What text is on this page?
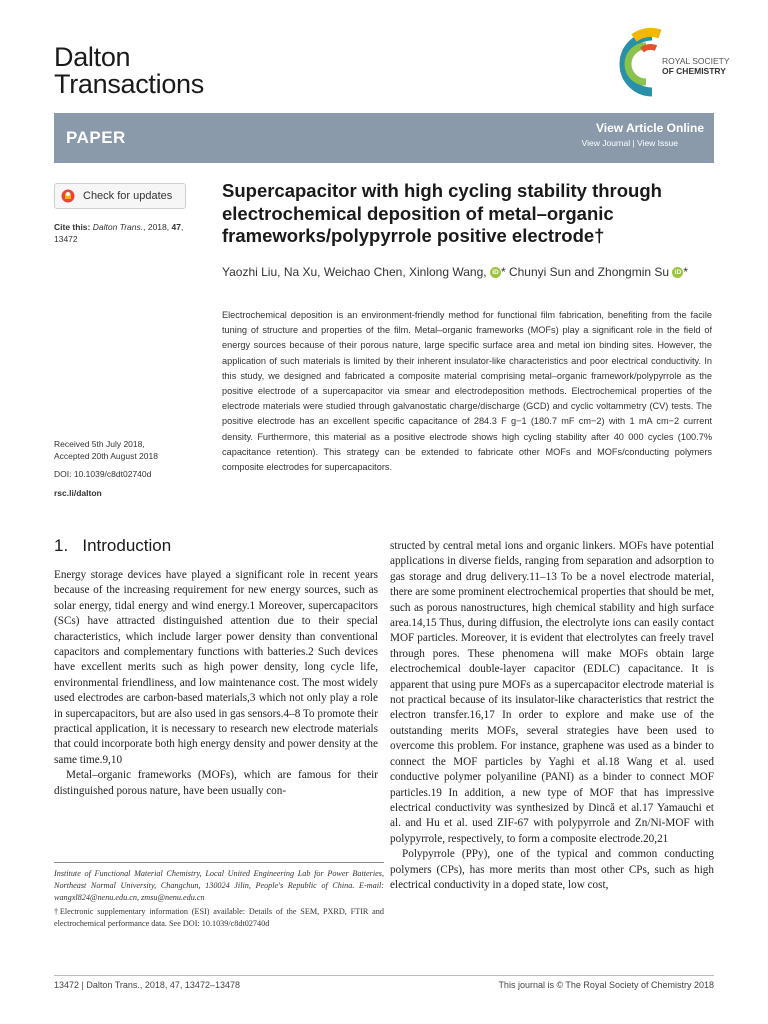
Dalton
Transactions
ROYAL SOCIETY
OF CHEMISTRY
PAPER	View Article Online
View Journal | View Issue
Check for updates
Cite this: Dalton Trans., 2018, 47, 13472
Received 5th July 2018,
Accepted 20th August 2018
DOI: 10.1039/c8dt02740d
rsc.li/dalton
Supercapacitor with high cycling stability through electrochemical deposition of metal–organic frameworks/polypyrrole positive electrode†
Yaozhi Liu, Na Xu, Weichao Chen, Xinlong Wang, iD * Chunyi Sun and Zhongmin Su iD *

Electrochemical deposition is an environment-friendly method for functional film fabrication, benefiting from the facile tuning of structure and properties of the film. Metal–organic frameworks (MOFs) play a significant role in the field of energy sources because of their porous nature, large specific surface area and metal ion binding sites. However, the application of such materials is limited by their inherent insulator-like characteristics and poor electrical conductivity. In this study, we designed and fabricated a composite material comprising metal–organic framework/polypyrrole as the positive electrode of a supercapacitor via smear and electrodeposition methods. Electrochemical properties of the electrode materials were studied through galvanostatic charge/discharge (GCD) and cyclic voltammetry (CV) tests. The positive electrode has an excellent specific capacitance of 284.3 F g−1 (180.7 mF cm−2) with 1 mA cm−2 current density. Furthermore, this material as a positive electrode shows high cycling stability after 40 000 cycles (100.7% capacitance retention). This strategy can be extended to fabricate other MOFs and MOFs/conducting polymers composite electrodes for supercapacitors.

1. Introduction

Energy storage devices have played a significant role in recent years because of the increasing requirement for new energy sources, such as solar energy, tidal energy and wind energy.1 Moreover, supercapacitors (SCs) have attracted distinguished attention due to their special characteristics, which include larger power density than conventional capacitors and complementary functions with batteries.2 Such devices have excellent merits such as high power density, long cycle life, environmental friendliness, and low maintenance cost. The most widely used electrodes are carbon-based materials,3 which not only play a role in supercapacitors, but are also used in gas sensors.4–8 To promote their practical application, it is necessary to research new electrode materials that could incorporate both high energy density and power density at the same time.9,10

Metal–organic frameworks (MOFs), which are famous for their distinguished porous nature, have been usually con-

structed by central metal ions and organic linkers. MOFs have potential applications in diverse fields, ranging from separation and adsorption to gas storage and drug delivery.11–13 To be a novel electrode material, there are some prominent electrochemical properties that should be met, such as porous nanostructures, high chemical stability and high surface area.14,15 Thus, during diffusion, the electrolyte ions can easily contact MOF particles. Moreover, it is evident that electrolytes can freely travel through pores. These phenomena will make MOFs obtain large electrochemical double-layer capacitor (EDLC) capacitance. It is apparent that using pure MOFs as a supercapacitor electrode material is not practical because of its insulator-like characteristics that restrict the electron transfer.16,17 In order to explore and make use of the outstanding merits MOFs, several strategies have been used to overcome this problem. For instance, graphene was used as a binder to connect the MOF particles by Yaghi et al.18 Wang et al. used conductive polymer polyaniline (PANI) as a binder to connect MOF particles.19 In addition, a new type of MOF that has impressive electrical conductivity was synthesized by Dincă et al.17 Yamauchi et al. and Hu et al. used ZIF-67 with polypyrrole and Zn/Ni-MOF with polypyrrole, respectively, to form a composite electrode.20,21

Polypyrrole (PPy), one of the typical and common conducting polymers (CPs), has more merits than most other CPs, such as high electrical conductivity in a doped state, low cost,

Institute of Functional Material Chemistry, Local United Engineering Lab for Power Batteries, Northeast Normal University, Changchun, 130024 Jilin, People's Republic of China. E-mail: wangxl824@nenu.edu.cn, zmsu@nenu.edu.cn

†Electronic supplementary information (ESI) available: Details of the SEM, PXRD, FTIR and electrochemical performance data. See DOI: 10.1039/c8dt02740d

13472 | Dalton Trans., 2018, 47, 13472–13478	This journal is © The Royal Society of Chemistry 2018
